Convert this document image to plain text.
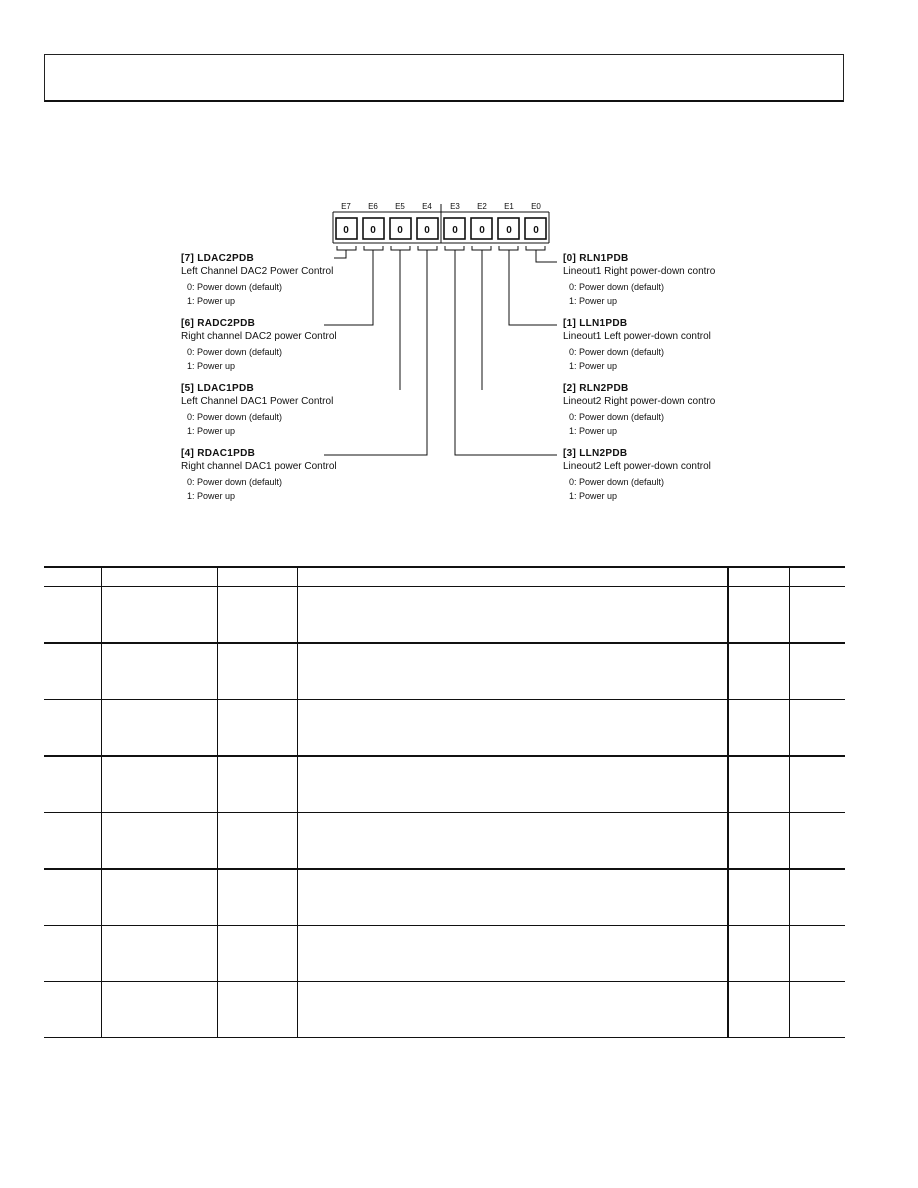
E7 E6 E5 E4 E3 E2 E1 E0
0 0 0 0 0 0 0 0
[7] LDAC2PDB
Left Channel DAC2 Power Control
0: Power down (default)
1: Power up
[6] RADC2PDB
Right channel DAC2 power Control
0: Power down (default)
1: Power up
[5] LDAC1PDB
Left Channel DAC1 Power Control
0: Power down (default)
1: Power up
[4] RDAC1PDB
Right channel DAC1 power Control
0: Power down (default)
1: Power up
[0] RLN1PDB
Lineout1 Right power-down contro
0: Power down (default)
1: Power up
[1] LLN1PDB
Lineout1 Left power-down control
0: Power down (default)
1: Power up
[2] RLN2PDB
Lineout2 Right power-down contro
0: Power down (default)
1: Power up
[3] LLN2PDB
Lineout2 Left power-down control
0: Power down (default)
1: Power up
